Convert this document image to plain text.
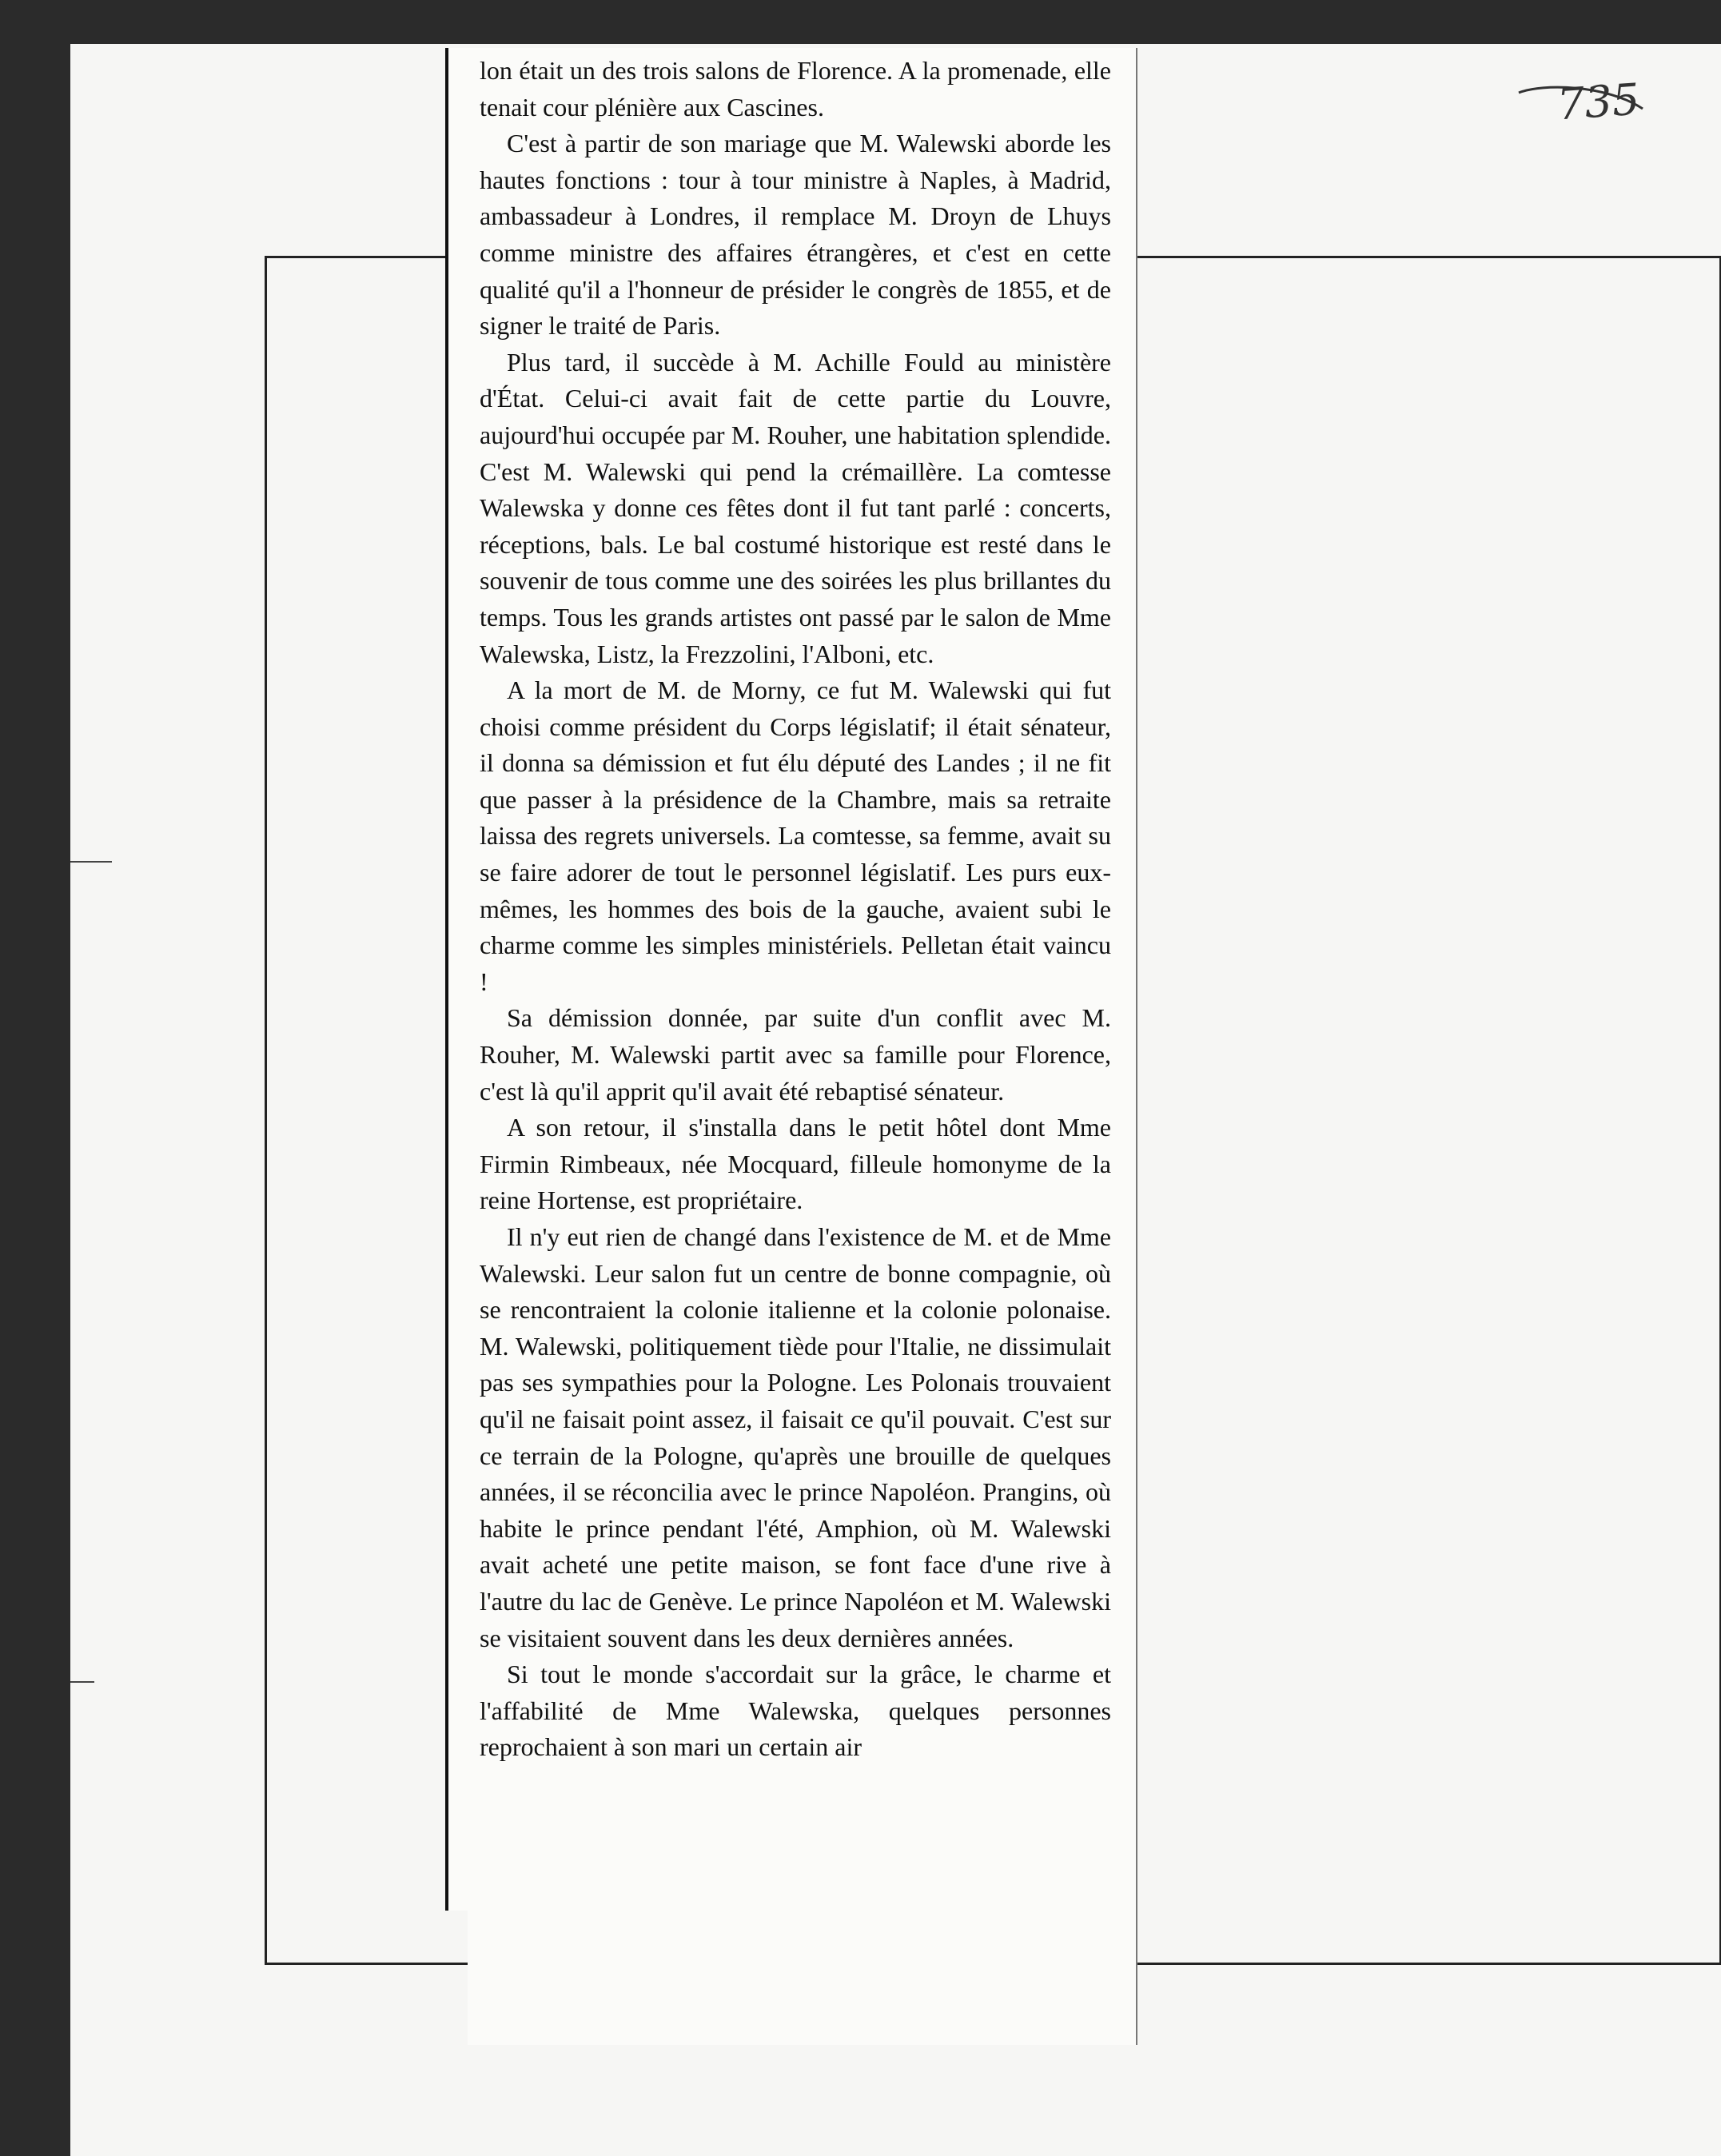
735

lon était un des trois salons de Florence. A la promenade, elle tenait cour plénière aux Cascines.

C'est à partir de son mariage que M. Walewski aborde les hautes fonctions : tour à tour ministre à Naples, à Madrid, ambassadeur à Londres, il remplace M. Droyn de Lhuys comme ministre des affaires étrangères, et c'est en cette qualité qu'il a l'honneur de présider le congrès de 1855, et de signer le traité de Paris.

Plus tard, il succède à M. Achille Fould au ministère d'État. Celui-ci avait fait de cette partie du Louvre, aujourd'hui occupée par M. Rouher, une habitation splendide. C'est M. Walewski qui pend la crémaillère. La comtesse Walewska y donne ces fêtes dont il fut tant parlé : concerts, réceptions, bals. Le bal costumé historique est resté dans le souvenir de tous comme une des soirées les plus brillantes du temps. Tous les grands artistes ont passé par le salon de Mme Walewska, Listz, la Frezzolini, l'Alboni, etc.

A la mort de M. de Morny, ce fut M. Walewski qui fut choisi comme président du Corps législatif; il était sénateur, il donna sa démission et fut élu député des Landes ; il ne fit que passer à la présidence de la Chambre, mais sa retraite laissa des regrets universels. La comtesse, sa femme, avait su se faire adorer de tout le personnel législatif. Les purs eux-mêmes, les hommes des bois de la gauche, avaient subi le charme comme les simples ministériels. Pelletan était vaincu !

Sa démission donnée, par suite d'un conflit avec M. Rouher, M. Walewski partit avec sa famille pour Florence, c'est là qu'il apprit qu'il avait été rebaptisé sénateur.

A son retour, il s'installa dans le petit hôtel dont Mme Firmin Rimbeaux, née Mocquard, filleule homonyme de la reine Hortense, est propriétaire.

Il n'y eut rien de changé dans l'existence de M. et de Mme Walewski. Leur salon fut un centre de bonne compagnie, où se rencontraient la colonie italienne et la colonie polonaise. M. Walewski, politiquement tiède pour l'Italie, ne dissimulait pas ses sympathies pour la Pologne. Les Polonais trouvaient qu'il ne faisait point assez, il faisait ce qu'il pouvait. C'est sur ce terrain de la Pologne, qu'après une brouille de quelques années, il se réconcilia avec le prince Napoléon. Prangins, où habite le prince pendant l'été, Amphion, où M. Walewski avait acheté une petite maison, se font face d'une rive à l'autre du lac de Genève. Le prince Napoléon et M. Walewski se visitaient souvent dans les deux dernières années.

Si tout le monde s'accordait sur la grâce, le charme et l'affabilité de Mme Walewska, quelques personnes reprochaient à son mari un certain air
